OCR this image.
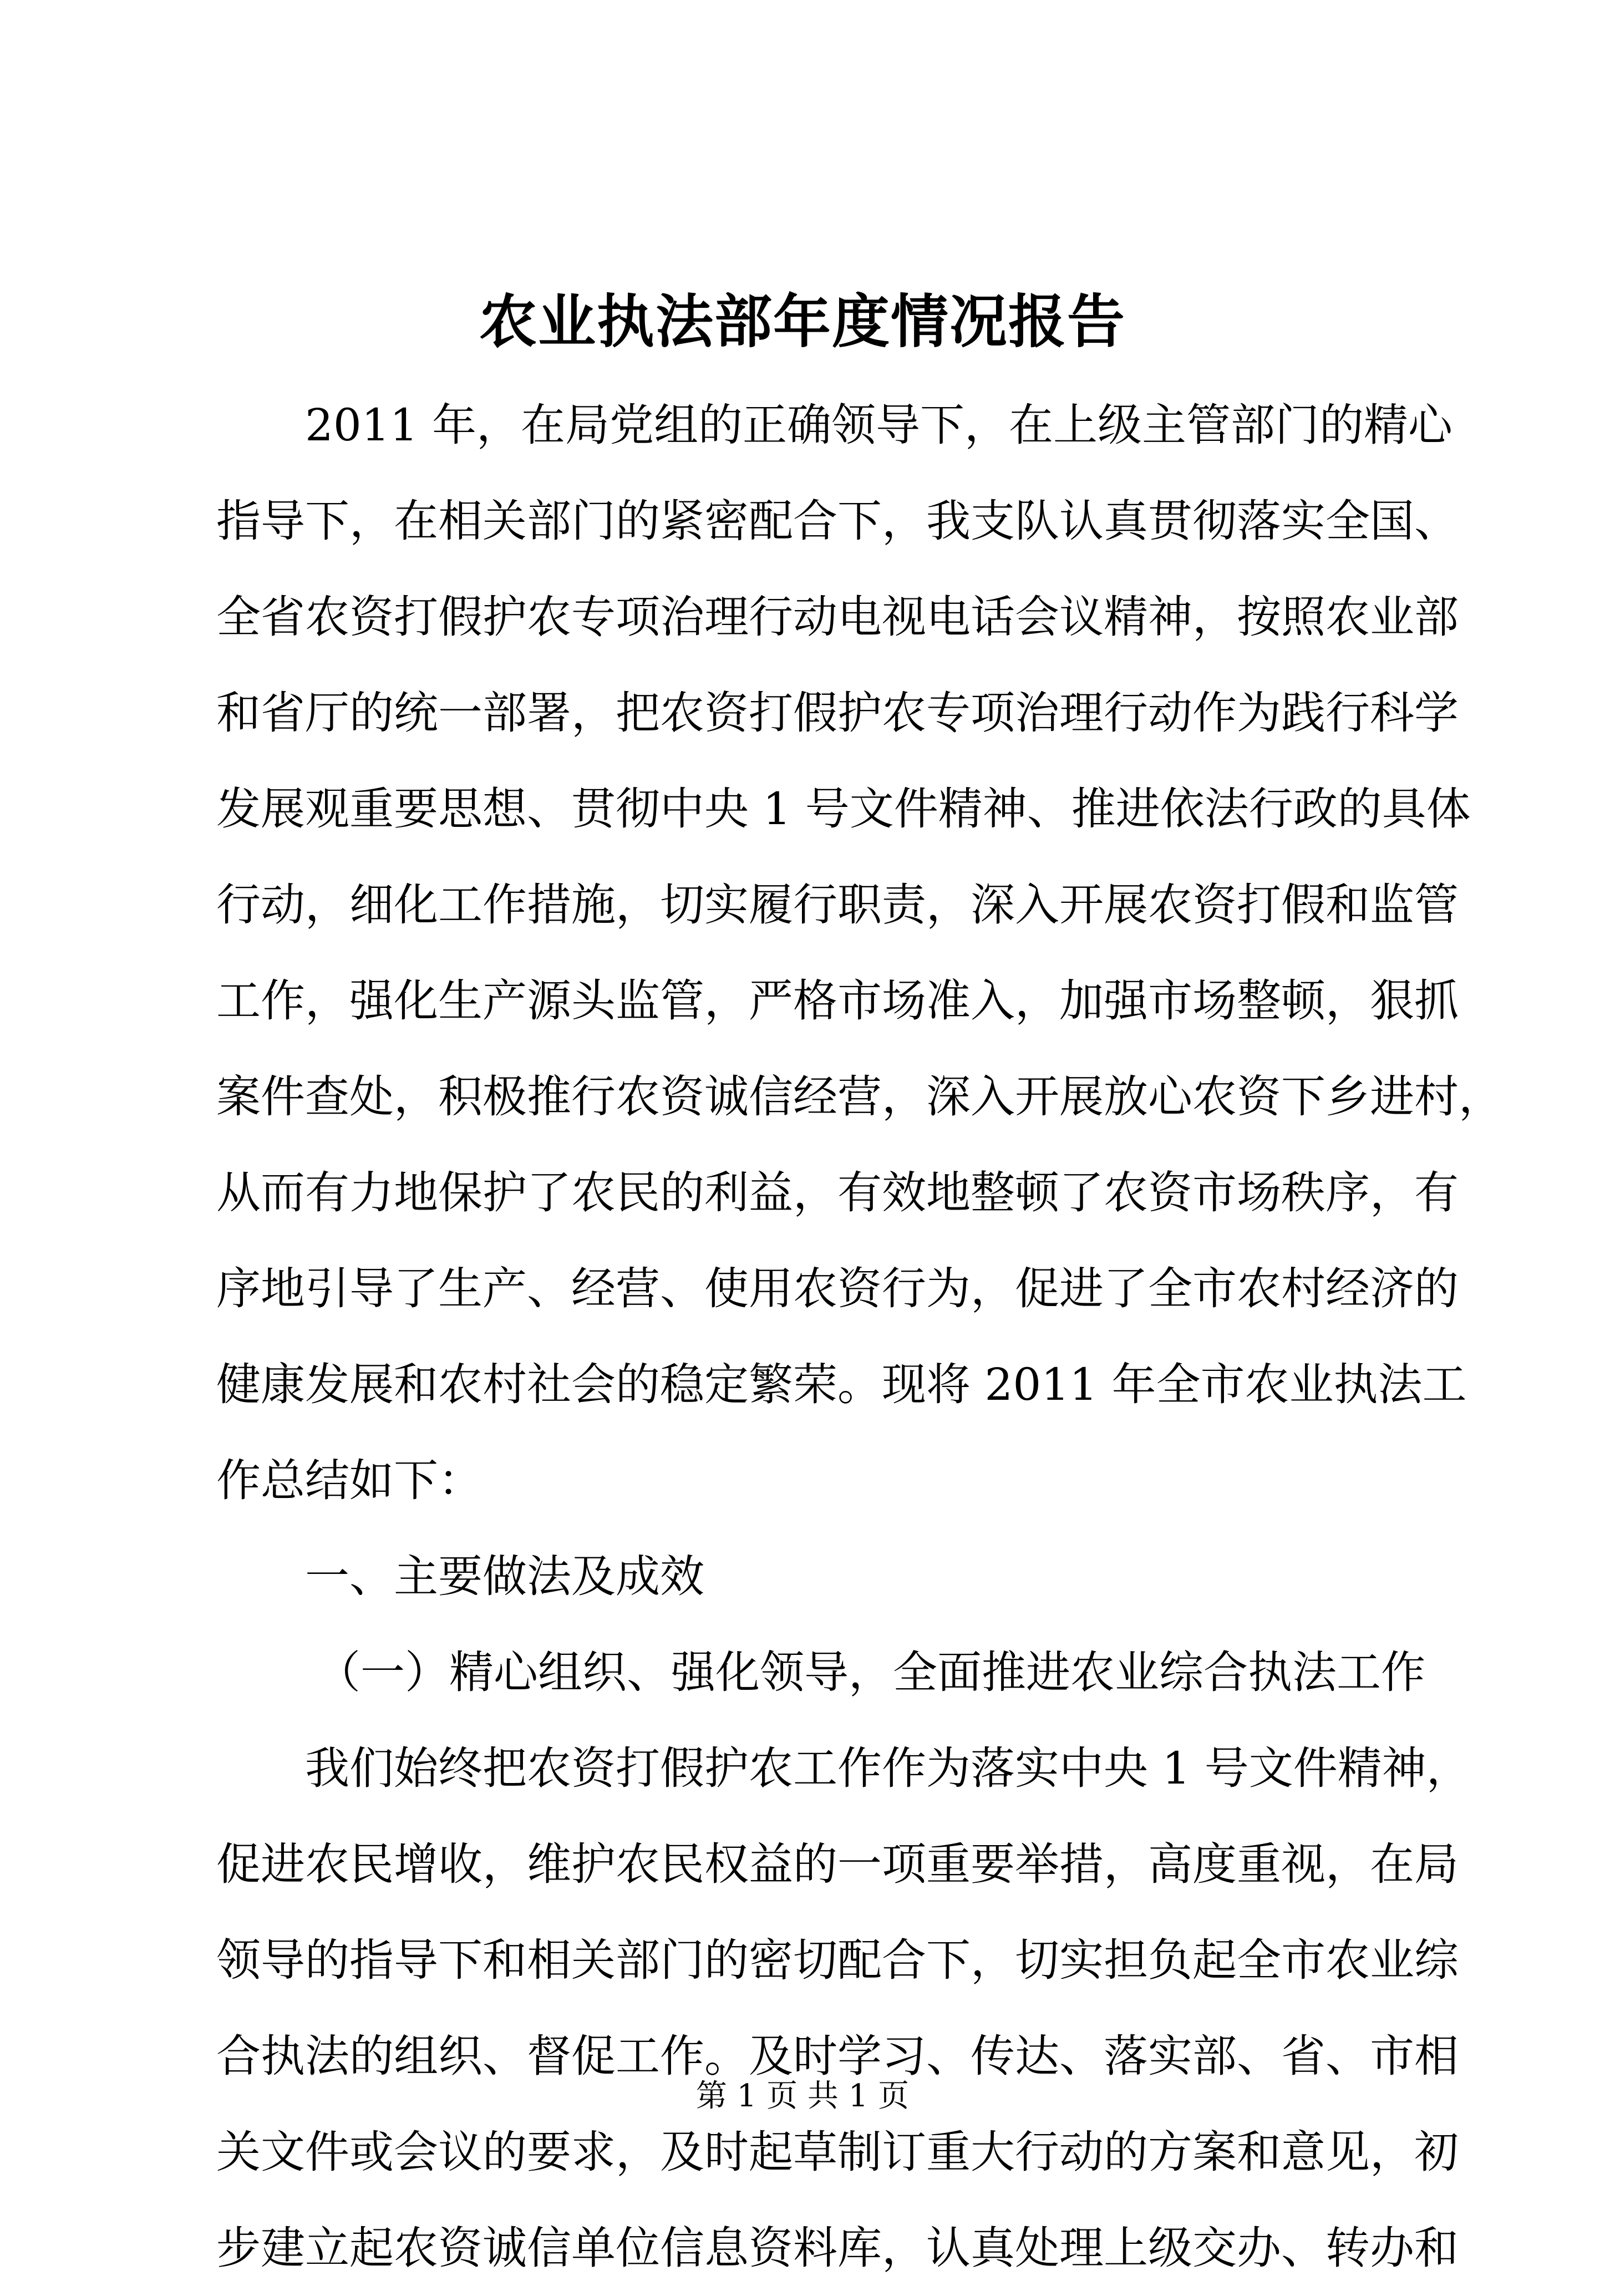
农业执法部年度情况报告
2011 年，在局党组的正确领导下，在上级主管部门的精心
指导下，在相关部门的紧密配合下，我支队认真贯彻落实全国、
全省农资打假护农专项治理行动电视电话会议精神，按照农业部
和省厅的统一部署，把农资打假护农专项治理行动作为践行科学
发展观重要思想、贯彻中央 1 号文件精神、推进依法行政的具体
行动，细化工作措施，切实履行职责，深入开展农资打假和监管
工作，强化生产源头监管，严格市场准入，加强市场整顿，狠抓
案件查处，积极推行农资诚信经营，深入开展放心农资下乡进村，
从而有力地保护了农民的利益，有效地整顿了农资市场秩序，有
序地引导了生产、经营、使用农资行为，促进了全市农村经济的
健康发展和农村社会的稳定繁荣。现将 2011 年全市农业执法工
作总结如下：
一、主要做法及成效
（一）精心组织、强化领导，全面推进农业综合执法工作
我们始终把农资打假护农工作作为落实中央 1 号文件精神，
促进农民增收，维护农民权益的一项重要举措，高度重视，在局
领导的指导下和相关部门的密切配合下，切实担负起全市农业综
合执法的组织、督促工作。及时学习、传达、落实部、省、市相
关文件或会议的要求，及时起草制订重大行动的方案和意见，初
步建立起农资诚信单位信息资料库，认真处理上级交办、转办和
第 1 页 共 1 页
